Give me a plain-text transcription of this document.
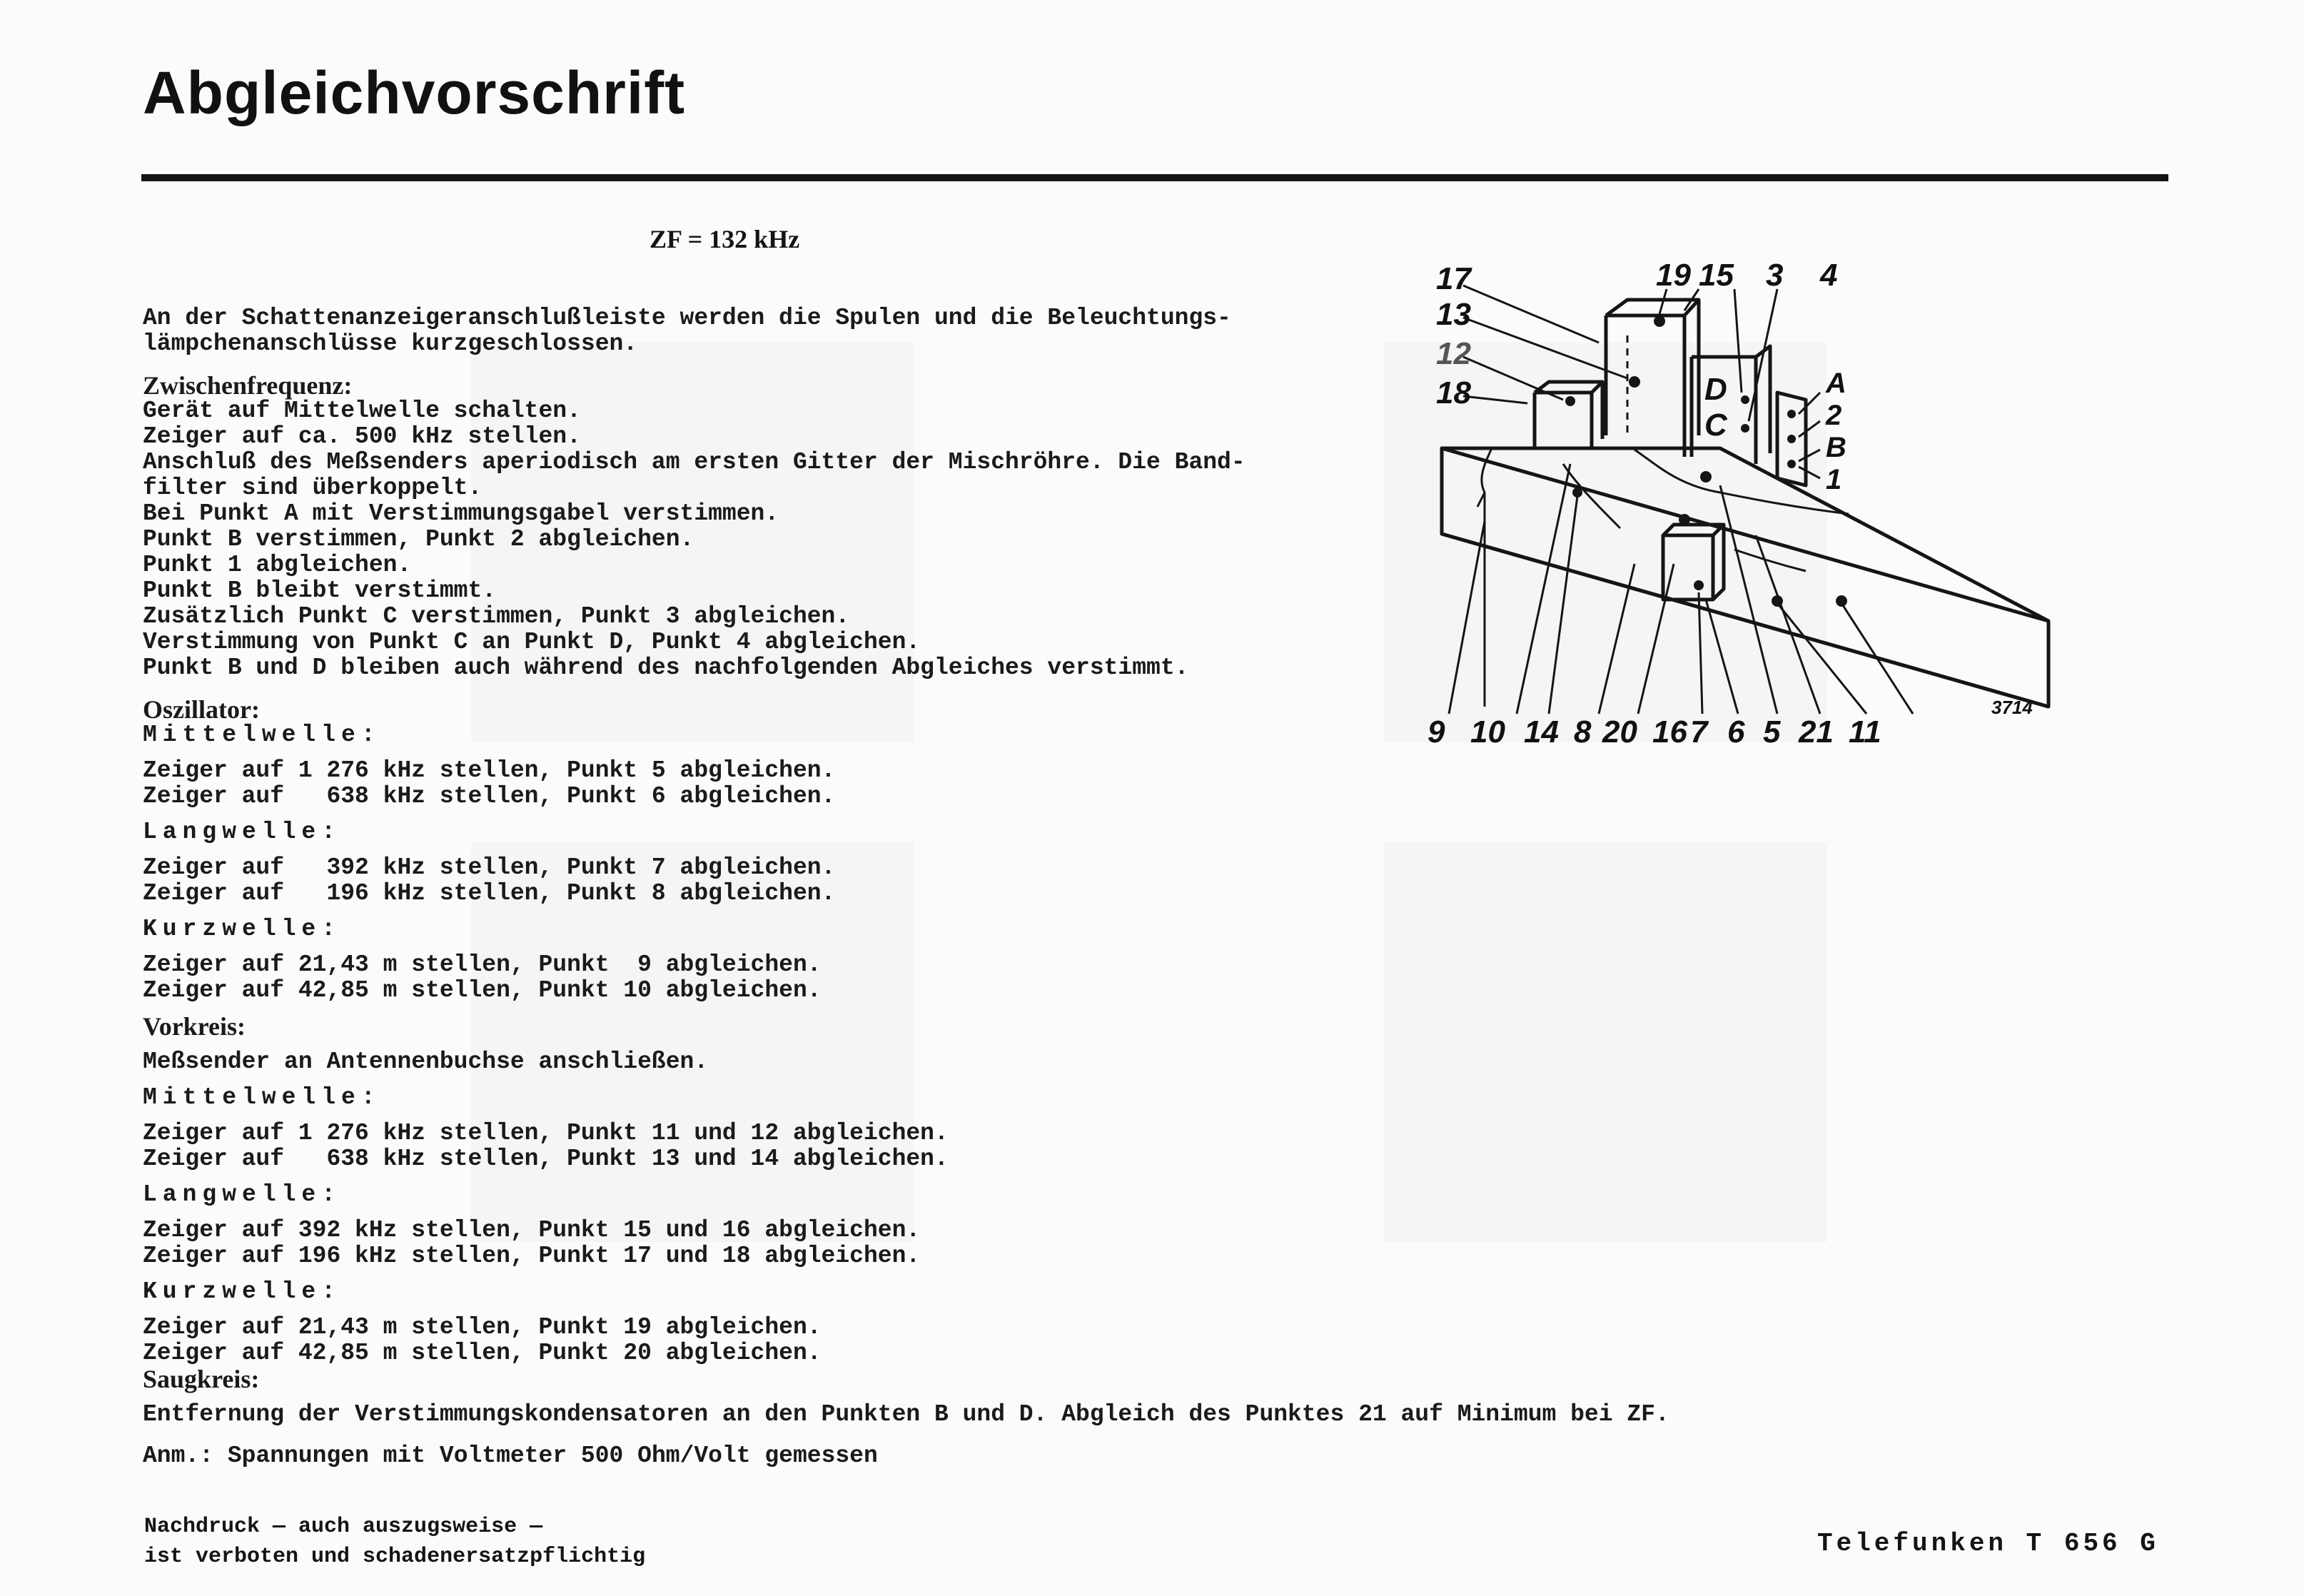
Abgleichvorschrift
ZF = 132 kHz

An der Schattenanzeigeranschlußleiste werden die Spulen und die Beleuchtungs-

lämpchenanschlüsse kurzgeschlossen.

Zwischenfrequenz:

Gerät auf Mittelwelle schalten.

Zeiger auf ca. 500 kHz stellen.

Anschluß des Meßsenders aperiodisch am ersten Gitter der Mischröhre. Die Band-

filter sind überkoppelt.

Bei Punkt A mit Verstimmungsgabel verstimmen.

Punkt B verstimmen, Punkt 2 abgleichen.

Punkt 1 abgleichen.

Punkt B bleibt verstimmt.

Zusätzlich Punkt C verstimmen, Punkt 3 abgleichen.

Verstimmung von Punkt C an Punkt D, Punkt 4 abgleichen.

Punkt B und D bleiben auch während des nachfolgenden Abgleiches verstimmt.

Oszillator:

Mittelwelle:

Zeiger auf 1 276 kHz stellen, Punkt 5 abgleichen.

Zeiger auf   638 kHz stellen, Punkt 6 abgleichen.

Langwelle:

Zeiger auf   392 kHz stellen, Punkt 7 abgleichen.

Zeiger auf   196 kHz stellen, Punkt 8 abgleichen.

Kurzwelle:

Zeiger auf 21,43 m stellen, Punkt  9 abgleichen.

Zeiger auf 42,85 m stellen, Punkt 10 abgleichen.

Vorkreis:

Meßsender an Antennenbuchse anschließen.

Mittelwelle:

Zeiger auf 1 276 kHz stellen, Punkt 11 und 12 abgleichen.

Zeiger auf   638 kHz stellen, Punkt 13 und 14 abgleichen.

Langwelle:

Zeiger auf 392 kHz stellen, Punkt 15 und 16 abgleichen.

Zeiger auf 196 kHz stellen, Punkt 17 und 18 abgleichen.

Kurzwelle:

Zeiger auf 21,43 m stellen, Punkt 19 abgleichen.

Zeiger auf 42,85 m stellen, Punkt 20 abgleichen.

Saugkreis:

Entfernung der Verstimmungskondensatoren an den Punkten B und D. Abgleich des Punktes 21 auf Minimum bei ZF.

Anm.: Spannungen mit Voltmeter 500 Ohm/Volt gemessen

17
13
12
18
19 15 3 4
D
C
A
2
B
1
9 10 14 8 20 16 7 6 5 21 11
3714
Nachdruck — auch auszugsweise —
ist verboten und schadenersatzpflichtig	Telefunken T 656 G
